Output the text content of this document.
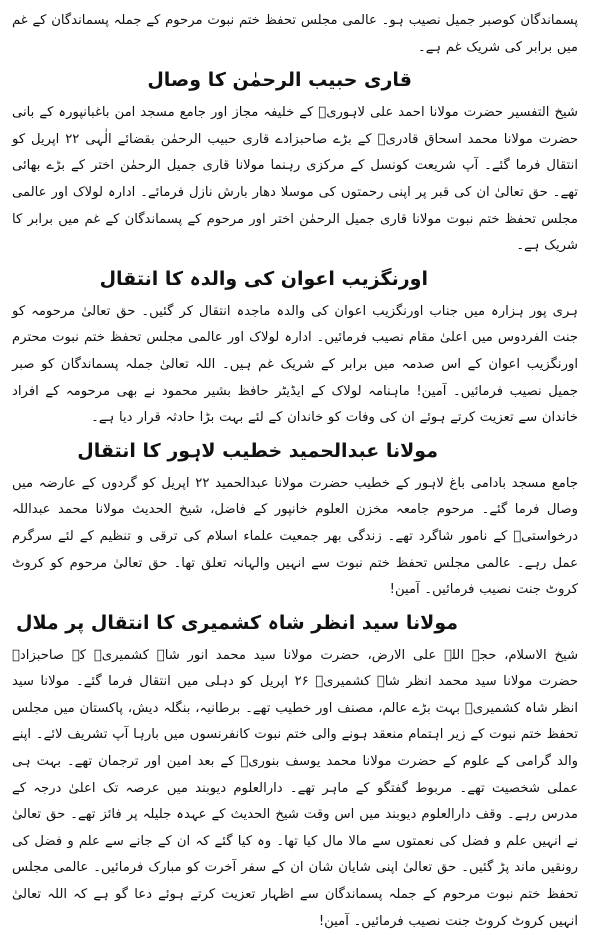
پسماندگان کوصبر جمیل نصیب ہو۔ عالمی مجلس تحفظ ختم نبوت مرحوم کے جملہ پسماندگان کے غم میں برابر کی شریک غم ہے۔

قاری حبیب الرحمٰن کا وصال

شیخ التفسیر حضرت مولانا احمد علی لاہوریؒ کے خلیفہ مجاز اور جامع مسجد امن باغبانپورہ کے بانی حضرت مولانا محمد اسحاق قادریؒ کے بڑے صاحبزادے قاری حبیب الرحمٰن بقضائے الٰہی ۲۲ اپریل کو انتقال فرما گئے۔ آپ شریعت کونسل کے مرکزی رہنما مولانا قاری جمیل الرحمٰن اختر کے بڑے بھائی تھے۔ حق تعالیٰ ان کی قبر پر اپنی رحمتوں کی موسلا دھار بارش نازل فرمائے۔ ادارہ لولاک اور عالمی مجلس تحفظ ختم نبوت مولانا قاری جمیل الرحمٰن اختر اور مرحوم کے پسماندگان کے غم میں برابر کا شریک ہے۔

اورنگزیب اعوان کی والدہ کا انتقال

ہری پور ہزارہ میں جناب اورنگزیب اعوان کی والدہ ماجدہ انتقال کر گئیں۔ حق تعالیٰ مرحومہ کو جنت الفردوس میں اعلیٰ مقام نصیب فرمائیں۔ ادارہ لولاک اور عالمی مجلس تحفظ ختم نبوت محترم اورنگزیب اعوان کے اس صدمہ میں برابر کے شریک غم ہیں۔ اللہ تعالیٰ جملہ پسماندگان کو صبر جمیل نصیب فرمائیں۔ آمین! ماہنامہ لولاک کے ایڈیٹر حافظ بشیر محمود نے بھی مرحومہ کے افراد خاندان سے تعزیت کرتے ہوئے ان کی وفات کو خاندان کے لئے بہت بڑا حادثہ قرار دیا ہے۔

مولانا عبدالحمید خطیب لاہور کا انتقال

جامع مسجد بادامی باغ لاہور کے خطیب حضرت مولانا عبدالحمید ۲۲ اپریل کو گردوں کے عارضہ میں وصال فرما گئے۔ مرحوم جامعہ مخزن العلوم خانپور کے فاضل، شیخ الحدیث مولانا محمد عبداللہ درخواستیؒ کے نامور شاگرد تھے۔ زندگی بھر جمعیت علماء اسلام کی ترقی و تنظیم کے لئے سرگرم عمل رہے۔ عالمی مجلس تحفظ ختم نبوت سے انہیں والہانہ تعلق تھا۔ حق تعالیٰ مرحوم کو کروٹ کروٹ جنت نصیب فرمائیں۔ آمین!

مولانا سید انظر شاہ کشمیری کا انتقال پر ملال

شیخ الاسلام، حجۃ اللہ علی الارض، حضرت مولانا سید محمد انور شاہ کشمیریؒ کے صاحبزادہ حضرت مولانا سید محمد انظر شاہ کشمیریؒ ۲۶ اپریل کو دہلی میں انتقال فرما گئے۔ مولانا سید انظر شاہ کشمیریؒ بہت بڑے عالم، مصنف اور خطیب تھے۔ برطانیہ، بنگلہ دیش، پاکستان میں مجلس تحفظ ختم نبوت کے زیر اہتمام منعقد ہونے والی ختم نبوت کانفرنسوں میں بارہا آپ تشریف لائے۔ اپنے والد گرامی کے علوم کے حضرت مولانا محمد یوسف بنوریؒ کے بعد امین اور ترجمان تھے۔ بہت ہی عملی شخصیت تھے۔ مربوط گفتگو کے ماہر تھے۔ دارالعلوم دیوبند میں عرصہ تک اعلیٰ درجہ کے مدرس رہے۔ وقف دارالعلوم دیوبند میں اس وقت شیخ الحدیث کے عہدہ جلیلہ پر فائز تھے۔ حق تعالیٰ نے انہیں علم و فضل کی نعمتوں سے مالا مال کیا تھا۔ وہ کیا گئے کہ ان کے جانے سے علم و فضل کی رونقیں ماند پڑ گئیں۔ حق تعالیٰ اپنی شایان شان ان کے سفر آخرت کو مبارک فرمائیں۔ عالمی مجلس تحفظ ختم نبوت مرحوم کے جملہ پسماندگان سے اظہار تعزیت کرتے ہوئے دعا گو ہے کہ اللہ تعالیٰ انہیں کروٹ کروٹ جنت نصیب فرمائیں۔ آمین!
